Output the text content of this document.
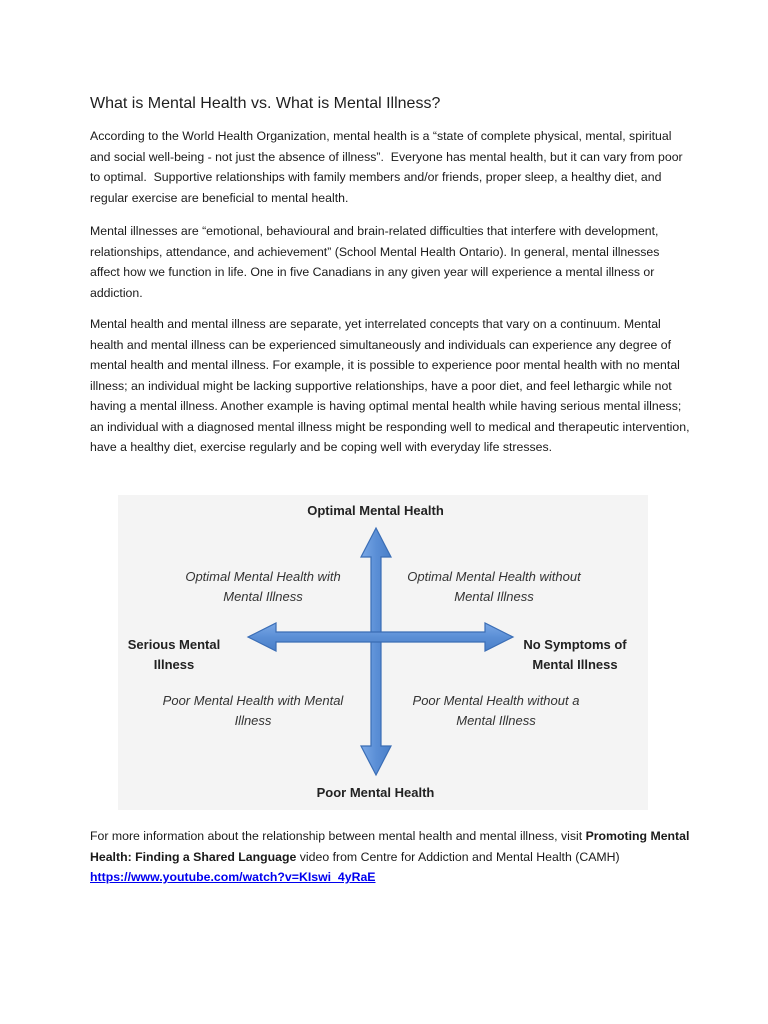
What is Mental Health vs. What is Mental Illness?

According to the World Health Organization, mental health is a “state of complete physical, mental, spiritual and social well-being - not just the absence of illness”. Everyone has mental health, but it can vary from poor to optimal. Supportive relationships with family members and/or friends, proper sleep, a healthy diet, and regular exercise are beneficial to mental health.

Mental illnesses are “emotional, behavioural and brain-related difficulties that interfere with development, relationships, attendance, and achievement” (School Mental Health Ontario). In general, mental illnesses affect how we function in life. One in five Canadians in any given year will experience a mental illness or addiction.

Mental health and mental illness are separate, yet interrelated concepts that vary on a continuum. Mental health and mental illness can be experienced simultaneously and individuals can experience any degree of mental health and mental illness. For example, it is possible to experience poor mental health with no mental illness; an individual might be lacking supportive relationships, have a poor diet, and feel lethargic while not having a mental illness. Another example is having optimal mental health while having serious mental illness; an individual with a diagnosed mental illness might be responding well to medical and therapeutic intervention, have a healthy diet, exercise regularly and be coping well with everyday life stresses.

Optimal Mental Health
Poor Mental Health
Serious Mental Illness
No Symptoms of Mental Illness
Optimal Mental Health with Mental Illness
Optimal Mental Health without Mental Illness
Poor Mental Health with Mental Illness
Poor Mental Health without a Mental Illness

For more information about the relationship between mental health and mental illness, visit Promoting Mental Health: Finding a Shared Language video from Centre for Addiction and Mental Health (CAMH)
https://www.youtube.com/watch?v=KIswi_4yRaE
